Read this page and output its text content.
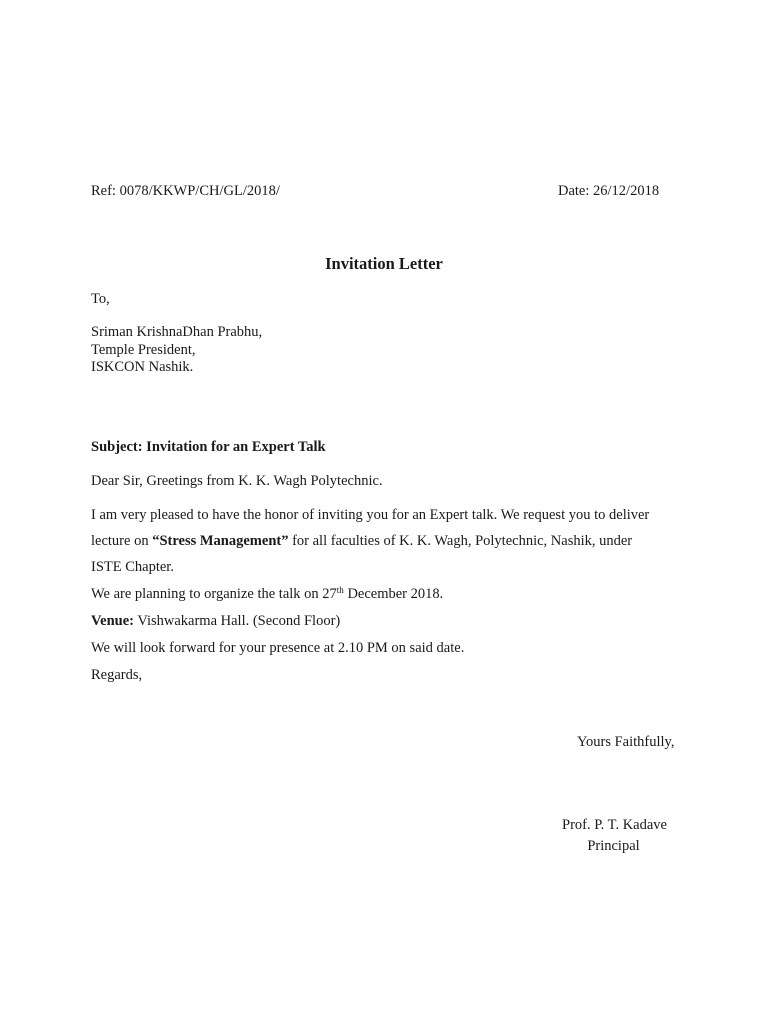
Ref: 0078/KKWP/CH/GL/2018/	Date: 26/12/2018
Invitation Letter
To,
Sriman KrishnaDhan Prabhu,
Temple President,
ISKCON Nashik.
Subject: Invitation for an Expert Talk
Dear Sir, Greetings from K. K. Wagh Polytechnic.
I am very pleased to have the honor of inviting you for an Expert talk. We request you to deliver
lecture on “Stress Management” for all faculties of K. K. Wagh, Polytechnic, Nashik, under
ISTE Chapter.
We are planning to organize the talk on 27th December 2018.
Venue: Vishwakarma Hall. (Second Floor)
We will look forward for your presence at 2.10 PM on said date.
Regards,
Yours Faithfully,
Prof. P. T. Kadave
Principal
